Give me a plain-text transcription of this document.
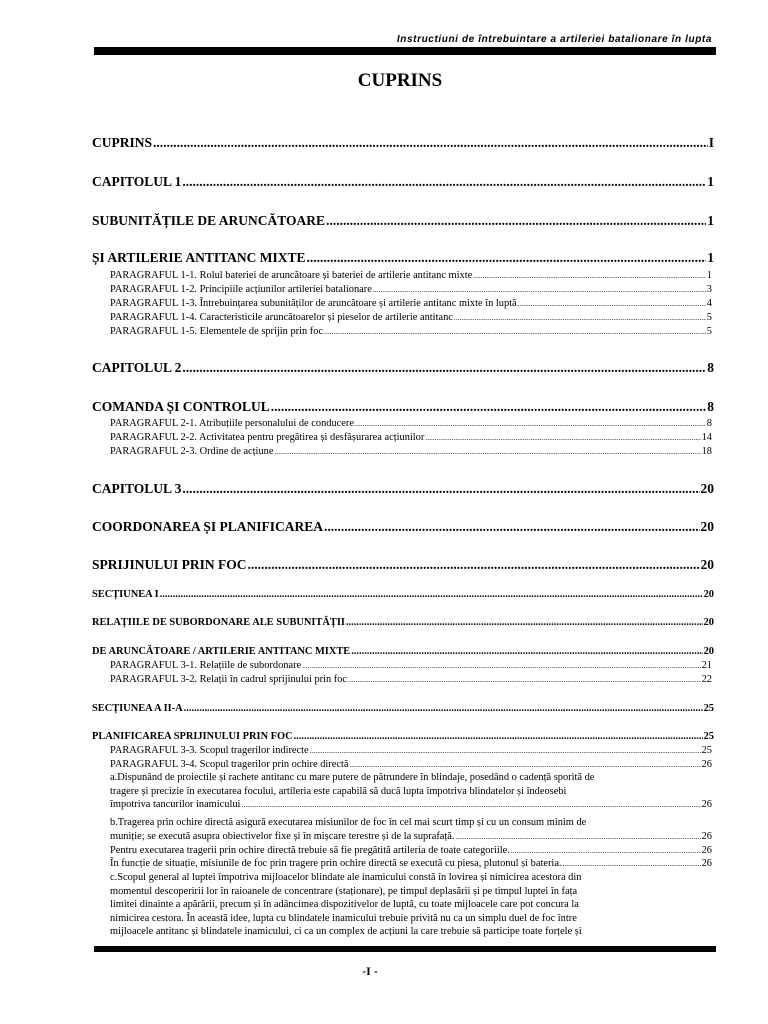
Instructiuni de întrebuintare a artileriei batalionare în lupta
CUPRINS
CUPRINS .....	I
CAPITOLUL 1 .....	1
SUBUNITĂȚILE DE ARUNCĂTOARE .....	1
ȘI ARTILERIE ANTITANC MIXTE .....	1
PARAGRAFUL 1-1. Rolul bateriei de aruncătoare și bateriei de artilerie antitanc mixte .....	1
PARAGRAFUL 1-2. Principiile acțiunilor artileriei batalionare .....	3
PARAGRAFUL 1-3. Întrebuințarea subunităților de aruncătoare și artilerie antitanc mixte în luptă .....	4
PARAGRAFUL 1-4. Caracteristicile aruncătoarelor și pieselor de artilerie antitanc .....	5
PARAGRAFUL 1-5. Elementele de sprijin prin foc .....	5
CAPITOLUL 2 .....	8
COMANDA ȘI CONTROLUL .....	8
PARAGRAFUL 2-1. Atribuțiile personalului de conducere .....	8
PARAGRAFUL 2-2. Activitatea pentru pregătirea și desfășurarea acțiunilor .....	14
PARAGRAFUL 2-3. Ordine de acțiune .....	18
CAPITOLUL 3 .....	20
COORDONAREA ȘI PLANIFICAREA .....	20
SPRIJINULUI PRIN FOC .....	20
SECȚIUNEA I .....	20
RELAȚIILE DE SUBORDONARE ALE SUBUNITĂȚII .....	20
DE ARUNCĂTOARE / ARTILERIE ANTITANC MIXTE .....	20
PARAGRAFUL 3-1. Relațiile de subordonare .....	21
PARAGRAFUL 3-2. Relații în cadrul sprijinului prin foc .....	22
SECȚIUNEA A II-A .....	25
PLANIFICAREA SPRIJINULUI PRIN FOC .....	25
PARAGRAFUL 3-3. Scopul tragerilor indirecte .....	25
PARAGRAFUL 3-4. Scopul tragerilor prin ochire directă .....	26
a.Dispunând de proiectile și rachete antitanc cu mare putere de pătrundere în blindaje, posedând o cadență sporită de
tragere și precizie în executarea focului, artileria este capabilă să ducă lupta împotriva blindatelor și îndeosebi
împotriva tancurilor inamicului .....	26
b.Tragerea prin ochire directă asigură executarea misiunilor de foc în cel mai scurt timp și cu un consum minim de
muniție; se execută asupra obiectivelor fixe și în mișcare terestre și de la suprafață. .....	26
Pentru executarea tragerii prin ochire directă trebuie să fie pregătită artileria de toate categoriile. .....	26
În funcție de situație, misiunile de foc prin tragere prin ochire directă se execută cu piesa, plutonul și bateria. .....	26
c.Scopul general al luptei împotriva mijloacelor blindate ale inamicului constă în lovirea și nimicirea acestora din
momentul descoperirii lor în raioanele de concentrare (staționare), pe timpul deplasării și pe timpul luptei în fața
limitei dinainte a apărării, precum și în adâncimea dispozitivelor de luptă, cu toate mijloacele care pot concura la
nimicirea cestora. În această idee, lupta cu blindatele inamicului trebuie privită nu ca un simplu duel de foc între
mijloacele antitanc și blindatele inamicului, ci ca un complex de acțiuni la care trebuie să participe toate forțele și
-I -
